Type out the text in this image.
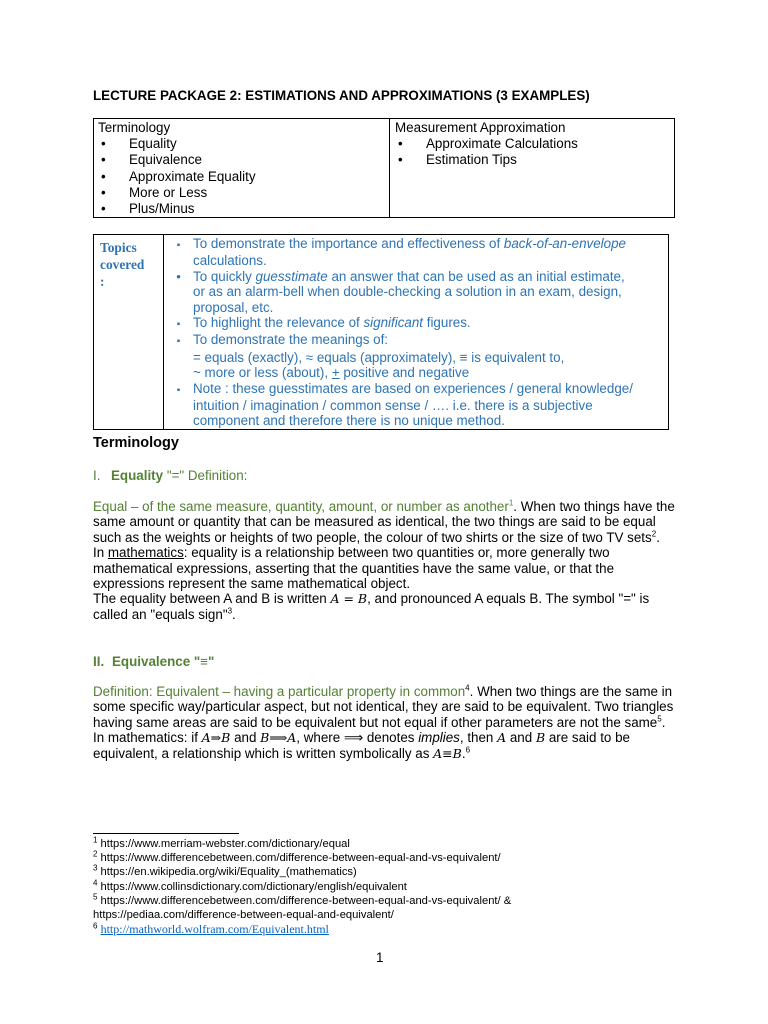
LECTURE PACKAGE 2: ESTIMATIONS AND APPROXIMATIONS (3 EXAMPLES)
Terminology
• Equality
• Equivalence
• Approximate Equality
• More or Less
• Plus/Minus

Measurement Approximation
• Approximate Calculations
• Estimation Tips
Topics
covered
:

▪ To demonstrate the importance and effectiveness of back-of-an-envelope
calculations.
• To quickly guesstimate an answer that can be used as an initial estimate,
or as an alarm-bell when double-checking a solution in an exam, design,
proposal, etc.
▪ To highlight the relevance of significant figures.
▪ To demonstrate the meanings of:
= equals (exactly), ≈ equals (approximately), ≡ is equivalent to,
~ more or less (about), + positive and negative
▪ Note : these guesstimates are based on experiences / general knowledge/
intuition / imagination / common sense / …. i.e. there is a subjective
component and therefore there is no unique method.
Terminology
I. Equality "=" Definition:

Equal – of the same measure, quantity, amount, or number as another$^1$. When two things have the same amount or quantity that can be measured as identical, the two things are said to be equal such as the weights or heights of two people, the colour of two shirts or the size of two TV sets$^2$.

In mathematics: equality is a relationship between two quantities or, more generally two mathematical expressions, asserting that the quantities have the same value, or that the expressions represent the same mathematical object.

The equality between A and B is written A = B, and pronounced A equals B. The symbol "=" is called an "equals sign"$^3$.

II. Equivalence "≡"

Definition: Equivalent – having a particular property in common$^4$. When two things are the same in some specific way/particular aspect, but not identical, they are said to be equivalent. Two triangles having same areas are said to be equivalent but not equal if other parameters are not the same$^5$. In mathematics: if A⇒B and B⟹A, where ⟹ denotes implies, then A and B are said to be equivalent, a relationship which is written symbolically as A≡B.$^6$

$^1$ https://www.merriam-webster.com/dictionary/equal
$^2$ https://www.differencebetween.com/difference-between-equal-and-vs-equivalent/
$^3$ https://en.wikipedia.org/wiki/Equality_(mathematics)
$^4$ https://www.collinsdictionary.com/dictionary/english/equivalent
$^5$ https://www.differencebetween.com/difference-between-equal-and-vs-equivalent/ &
https://pediaa.com/difference-between-equal-and-equivalent/
$^6$ http://mathworld.wolfram.com/Equivalent.html
1
